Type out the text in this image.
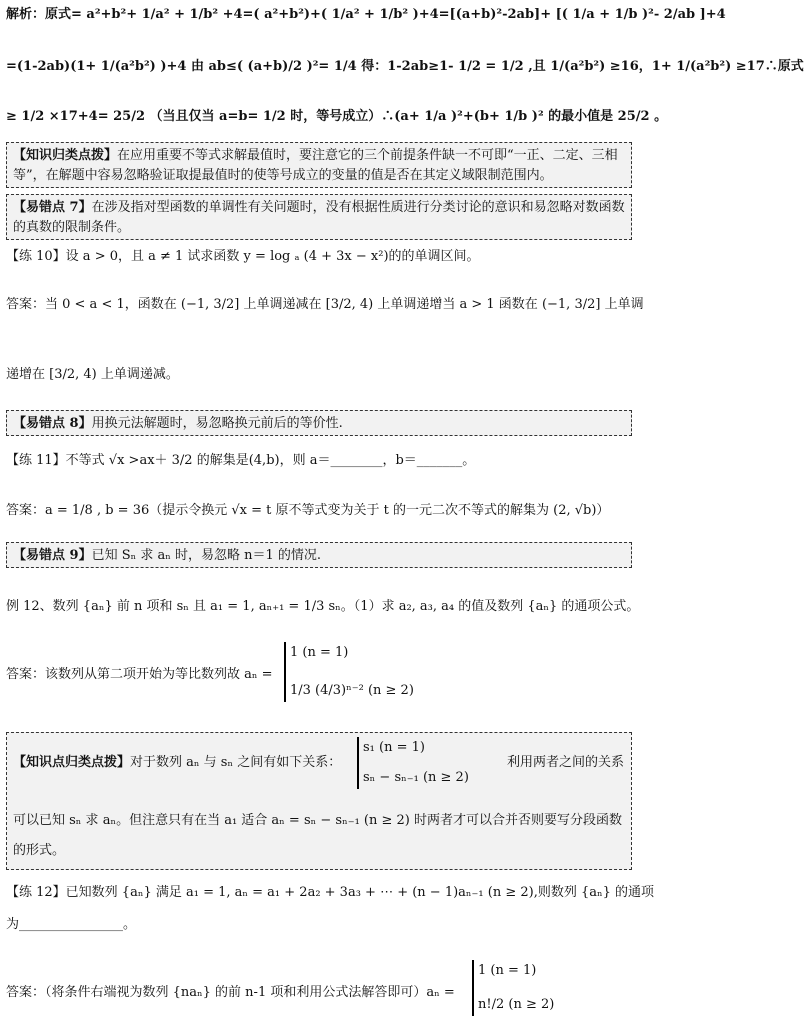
解析：原式= a²+b²+ 1/a² + 1/b² +4=( a²+b²)+( 1/a² + 1/b² )+4=[(a+b)²-2ab]+ [( 1/a + 1/b )²- 2/ab ]+4
=(1-2ab)(1+ 1/(a²b²) )+4 由 ab≤( (a+b)/2 )²= 1/4 得：1-2ab≥1- 1/2 = 1/2 ,且 1/(a²b²) ≥16，1+ 1/(a²b²) ≥17∴原式
≥ 1/2 ×17+4= 25/2 （当且仅当 a=b= 1/2 时，等号成立）∴(a+ 1/a )²+(b+ 1/b )² 的最小值是 25/2 。
【知识归类点拨】在应用重要不等式求解最值时，要注意它的三个前提条件缺一不可即“一正、二定、三相等”，在解题中容易忽略验证取提最值时的使等号成立的变量的值是否在其定义域限制范围内。
【易错点 7】在涉及指对型函数的单调性有关问题时，没有根据性质进行分类讨论的意识和易忽略对数函数的真数的限制条件。
【练 10】设 a > 0，且 a ≠ 1 试求函数 y = log ₐ (4 + 3x − x²)的的单调区间。
答案：当 0 < a < 1，函数在 (−1, 3/2] 上单调递减在 [3/2, 4) 上单调递增当 a > 1 函数在 (−1, 3/2] 上单调
递增在 [3/2, 4) 上单调递减。
【易错点 8】用换元法解题时，易忽略换元前后的等价性.
【练 11】不等式 √x >ax＋ 3/2 的解集是(4,b)，则 a＝________，b＝_______。
答案：a = 1/8 , b = 36（提示令换元 √x = t 原不等式变为关于 t 的一元二次不等式的解集为 (2, √b)）
【易错点 9】已知 Sₙ 求 aₙ 时，易忽略 n＝1 的情况.
例 12、数列 {aₙ} 前 n 项和 sₙ 且 a₁ = 1, aₙ₊₁ = 1/3 sₙ。（1）求 a₂, a₃, a₄ 的值及数列 {aₙ} 的通项公式。
答案：该数列从第二项开始为等比数列故 aₙ =
1 (n = 1)
1/3 (4/3)ⁿ⁻² (n ≥ 2)
【知识点归类点拨】对于数列 aₙ 与 sₙ 之间有如下关系：
s₁ (n = 1)
sₙ − sₙ₋₁ (n ≥ 2)
利用两者之间的关系
可以已知 sₙ 求 aₙ。但注意只有在当 a₁ 适合 aₙ = sₙ − sₙ₋₁ (n ≥ 2) 时两者才可以合并否则要写分段函数
的形式。
【练 12】已知数列 {aₙ} 满足 a₁ = 1, aₙ = a₁ + 2a₂ + 3a₃ + ⋯ + (n − 1)aₙ₋₁ (n ≥ 2),则数列 {aₙ} 的通项
为________________。
答案：（将条件右端视为数列 {naₙ} 的前 n-1 项和利用公式法解答即可）aₙ =
1 (n = 1)
n!/2 (n ≥ 2)
